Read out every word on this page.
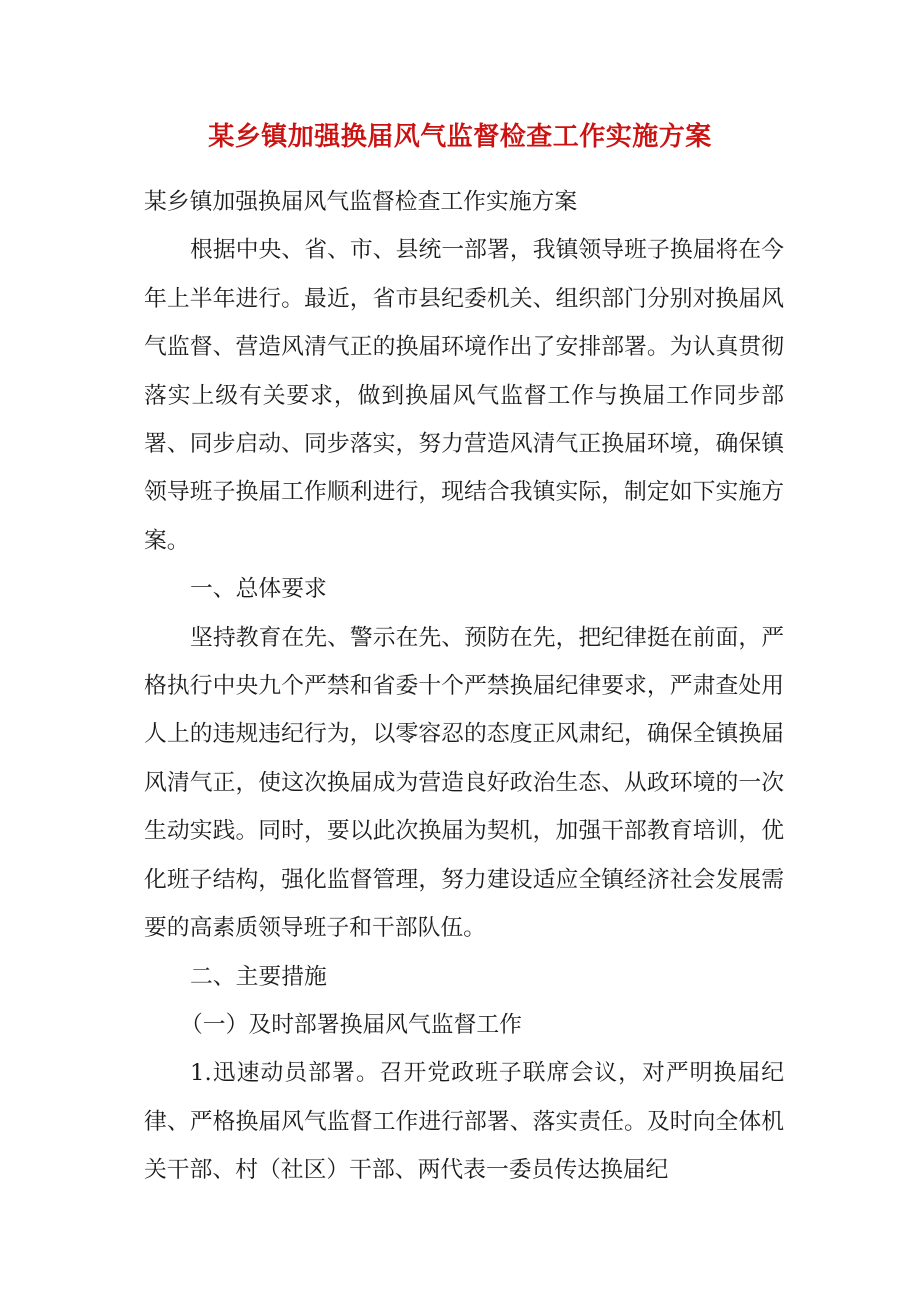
某乡镇加强换届风气监督检查工作实施方案

某乡镇加强换届风气监督检查工作实施方案

根据中央、省、市、县统一部署，我镇领导班子换届将在今年上半年进行。最近，省市县纪委机关、组织部门分别对换届风气监督、营造风清气正的换届环境作出了安排部署。为认真贯彻落实上级有关要求，做到换届风气监督工作与换届工作同步部署、同步启动、同步落实，努力营造风清气正换届环境，确保镇领导班子换届工作顺利进行，现结合我镇实际，制定如下实施方案。

一、总体要求

坚持教育在先、警示在先、预防在先，把纪律挺在前面，严格执行中央九个严禁和省委十个严禁换届纪律要求，严肃查处用人上的违规违纪行为，以零容忍的态度正风肃纪，确保全镇换届风清气正，使这次换届成为营造良好政治生态、从政环境的一次生动实践。同时，要以此次换届为契机，加强干部教育培训，优化班子结构，强化监督管理，努力建设适应全镇经济社会发展需要的高素质领导班子和干部队伍。

二、主要措施

（一）及时部署换届风气监督工作

1.迅速动员部署。召开党政班子联席会议，对严明换届纪律、严格换届风气监督工作进行部署、落实责任。及时向全体机关干部、村（社区）干部、两代表一委员传达换届纪
